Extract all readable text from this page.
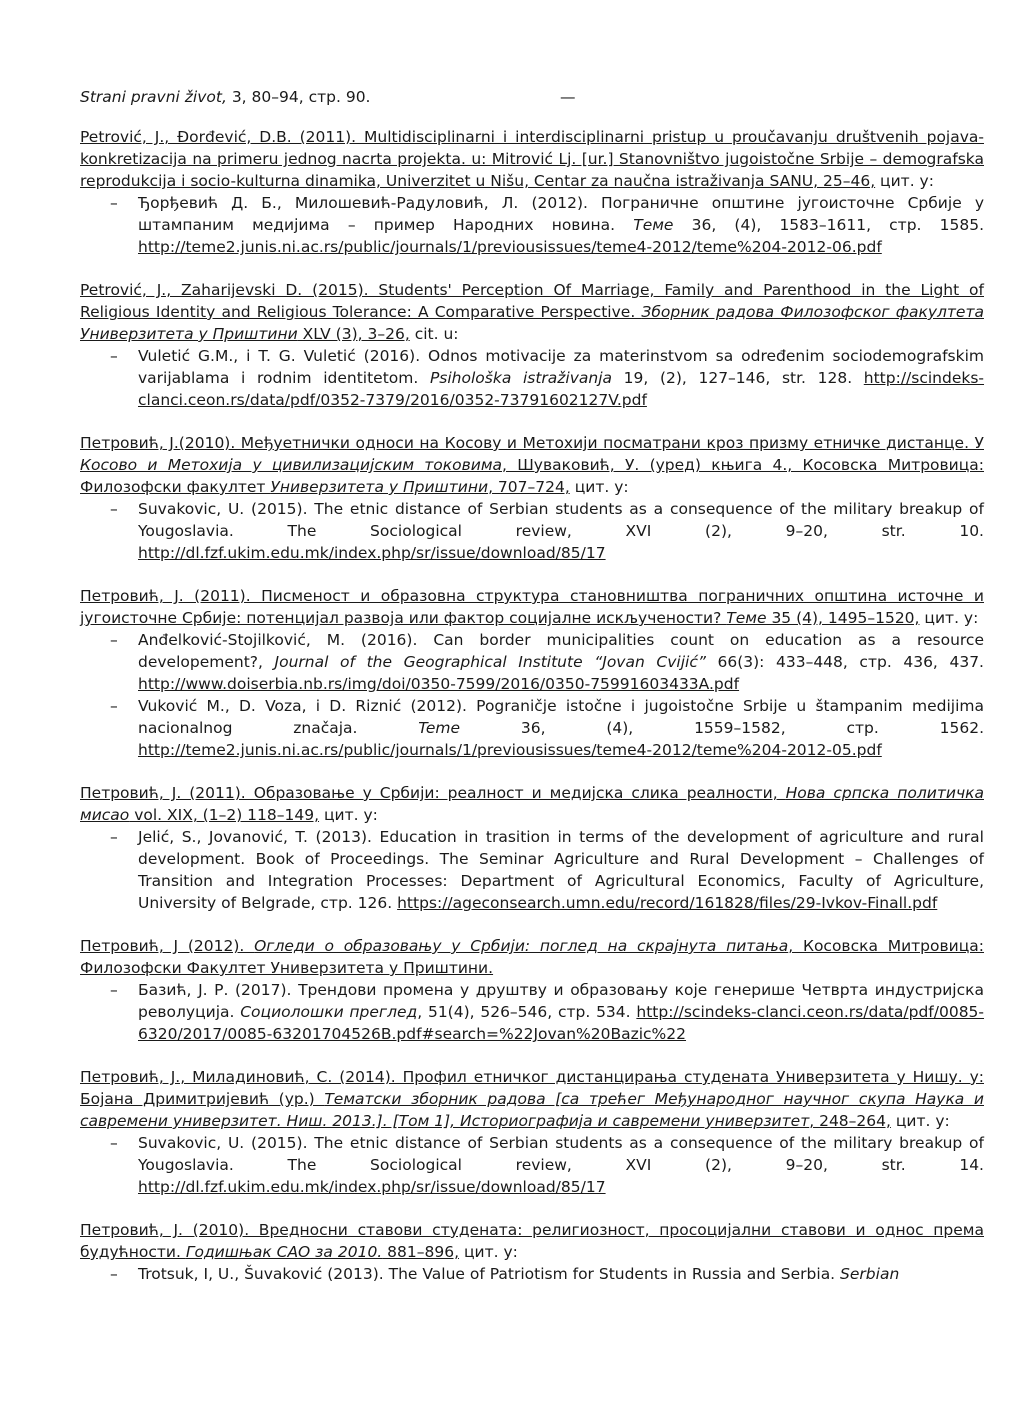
Strani pravni život, 3, 80–94, стр. 90.	—
Petrović, J., Đorđević, D.B. (2011). Multidisciplinarni i interdisciplinarni pristup u proučavanju društvenih pojava-konkretizacija na primeru jednog nacrta projekta. u: Mitrović Lj. [ur.] Stanovništvo jugoistočne Srbije – demografska reprodukcija i socio-kulturna dinamika, Univerzitet u Nišu, Centar za naučna istraživanja SANU, 25–46, цит. у:
– Ђорђевић Д. Б., Милошевић-Радуловић, Л. (2012). Пограничне општине југоисточне Србије у штампаним медијима – пример Народних новина. Теме 36, (4), 1583–1611, стр. 1585. http://teme2.junis.ni.ac.rs/public/journals/1/previousissues/teme4-2012/teme%204-2012-06.pdf
Petrović, J., Zaharijevski D. (2015). Students' Perception Of Marriage, Family and Parenthood in the Light of Religious Identity and Religious Tolerance: A Comparative Perspective. Зборник радова Филозофског факултета Универзитета у Приштини XLV (3), 3–26, cit. u:
– Vuletić G.M., i T. G. Vuletić (2016). Odnos motivacije za materinstvom sa određenim sociodemografskim varijablama i rodnim identitetom. Psihološka istraživanja 19, (2), 127–146, str. 128. http://scindeks-clanci.ceon.rs/data/pdf/0352-7379/2016/0352-73791602127V.pdf
Петровић, Ј.(2010). Међуетнички односи на Косову и Метохији посматрани кроз призму етничке дистанце. У Косово и Метохија у цивилизацијским токовима, Шуваковић, У. (уред) књига 4., Косовска Митровица: Филозофски факултет Универзитета у Приштини, 707–724, цит. у:
– Suvakovic, U. (2015). The etnic distance of Serbian students as a consequence of the military breakup of Yougoslavia. The Sociological review, XVI (2), 9–20, str. 10. http://dl.fzf.ukim.edu.mk/index.php/sr/issue/download/85/17
Петровић, Ј. (2011). Писменост и образовна структура становништва пограничних општина источне и југоисточне Србије: потенцијал развоја или фактор социјалне искључености? Теме 35 (4), 1495–1520, цит. у:
– Anđelković-Stojilković, M. (2016). Can border municipalities count on education as a resource developement?, Journal of the Geographical Institute “Jovan Cvijić” 66(3): 433–448, стр. 436, 437. http://www.doiserbia.nb.rs/img/doi/0350-7599/2016/0350-75991603433A.pdf
– Vuković M., D. Voza, i D. Riznić (2012). Pograničje istočne i jugoistočne Srbije u štampanim medijima nacionalnog značaja. Teme 36, (4), 1559–1582, стр. 1562. http://teme2.junis.ni.ac.rs/public/journals/1/previousissues/teme4-2012/teme%204-2012-05.pdf
Петровић, Ј. (2011). Образовање у Србији: реалност и медијска слика реалности, Нова српска политичка мисао vol. XIX, (1–2) 118–149, цит. у:
– Jelić, S., Jovanović, T. (2013). Education in trasition in terms of the development of agriculture and rural development. Book of Proceedings. The Seminar Agriculture and Rural Development – Challenges of Transition and Integration Processes: Department of Agricultural Economics, Faculty of Agriculture, University of Belgrade, стр. 126. https://ageconsearch.umn.edu/record/161828/files/29-Ivkov-Finall.pdf
Петровић, Ј (2012). Огледи о образовању у Србији: поглед на скрајнута питања, Косовска Митровица: Филозофски Факултет Универзитета у Приштини.
– Базић, Ј. Р. (2017). Трендови промена у друштву и образовању које генерише Четврта индустријска револуција. Социолошки преглед, 51(4), 526–546, стр. 534. http://scindeks-clanci.ceon.rs/data/pdf/0085-6320/2017/0085-63201704526B.pdf#search=%22Jovan%20Bazic%22
Петровић, Ј., Миладиновић, С. (2014). Профил етничког дистанцирања студената Универзитета у Нишу. у: Бојана Дримитријевић (ур.) Тематски зборник радова [са трећег Међународног научног скупа Наука и савремени универзитет. Ниш. 2013.]. [Том 1], Историографија и савремени универзитет, 248–264, цит. у:
– Suvakovic, U. (2015). The etnic distance of Serbian students as a consequence of the military breakup of Yougoslavia. The Sociological review, XVI (2), 9–20, str. 14. http://dl.fzf.ukim.edu.mk/index.php/sr/issue/download/85/17
Петровић, Ј. (2010). Вредносни ставови студената: религиозност, просоцијални ставови и однос према будућности. Годишњак САО за 2010. 881–896, цит. у:
– Trotsuk, I, U., Šuvaković (2013). The Value of Patriotism for Students in Russia and Serbia. Serbian
